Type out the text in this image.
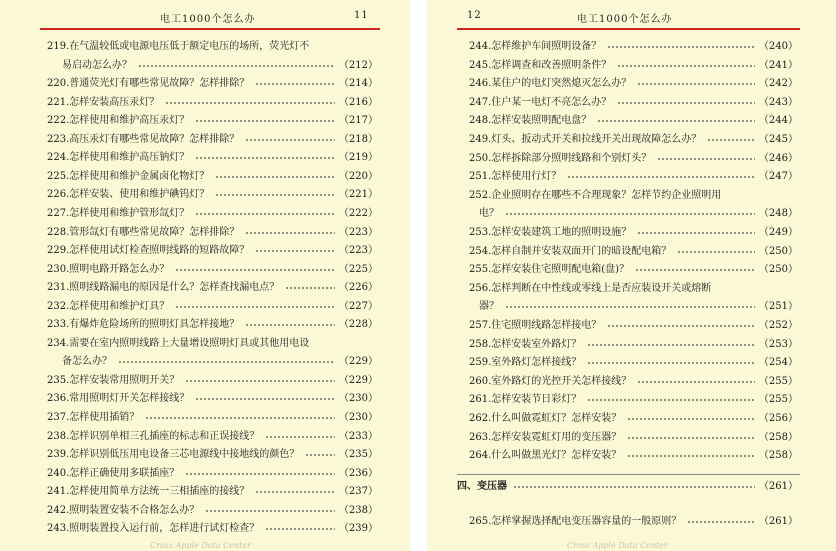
电工1000个怎么办	11
219.在气温较低或电源电压低于额定电压的场所，荧光灯不
易启动怎么办？	（212）
220.普通荧光灯有哪些常见故障？怎样排除？	（214）
221.怎样安装高压汞灯？	（216）
222.怎样使用和维护高压汞灯？	（217）
223.高压汞灯有哪些常见故障？怎样排除？	（218）
224.怎样使用和维护高压钠灯？	（219）
225.怎样使用和维护金属卤化物灯？	（220）
226.怎样安装、使用和维护碘钨灯？	（221）
227.怎样使用和维护管形氙灯？	（222）
228.管形氙灯有哪些常见故障？怎样排除？	（223）
229.怎样使用试灯检查照明线路的短路故障？	（223）
230.照明电路开路怎么办？	（225）
231.照明线路漏电的原因是什么？怎样查找漏电点？	（226）
232.怎样使用和维护灯具？	（227）
233.有爆炸危险场所的照明灯具怎样接地？	（228）
234.需要在室内照明线路上大量增设照明灯具或其他用电设
备怎么办？	（229）
235.怎样安装常用照明开关？	（229）
236.常用照明灯开关怎样接线？	（230）
237.怎样使用插销？	（230）
238.怎样识别单相三孔插座的标志和正误接线？	（233）
239.怎样识别低压用电设备三芯电源线中接地线的颜色？	（235）
240.怎样正确使用多联插座？	（236）
241.怎样使用简单方法统一三相插座的接线？	（237）
242.照明装置安装不合格怎么办？	（238）
243.照明装置投入运行前，怎样进行试灯检查？	（239）
Cross Apple Data Center
12	电工1000个怎么办
244.怎样维护车间照明设备？	（240）
245.怎样调查和改善照明条件？	（241）
246.某住户的电灯突然熄灭怎么办？	（242）
247.住户某一电灯不亮怎么办？	（243）
248.怎样安装照明配电盘？	（244）
249.灯头、扳动式开关和拉线开关出现故障怎么办？	（245）
250.怎样拆除部分照明线路和个别灯头？	（246）
251.怎样使用行灯？	（247）
252.企业照明存在哪些不合理现象？怎样节约企业照明用
电？	（248）
253.怎样安装建筑工地的照明设施？	（249）
254.怎样自制并安装双面开门的暗设配电箱？	（250）
255.怎样安装住宅照明配电箱(盘)？	（250）
256.怎样判断在中性线或零线上是否应装设开关或熔断
器？	（251）
257.住宅照明线路怎样接电？	（252）
258.怎样安装室外路灯？	（253）
259.室外路灯怎样接线？	（254）
260.室外路灯的光控开关怎样接线？	（255）
261.怎样安装节日彩灯？	（255）
262.什么叫做霓虹灯？怎样安装？	（256）
263.怎样安装霓虹灯用的变压器？	（258）
264.什么叫做黑光灯？怎样安装？	（258）
四、变压器	（261）
265.怎样掌握选择配电变压器容量的一般原则？	（261）
Cross Apple Data Center
